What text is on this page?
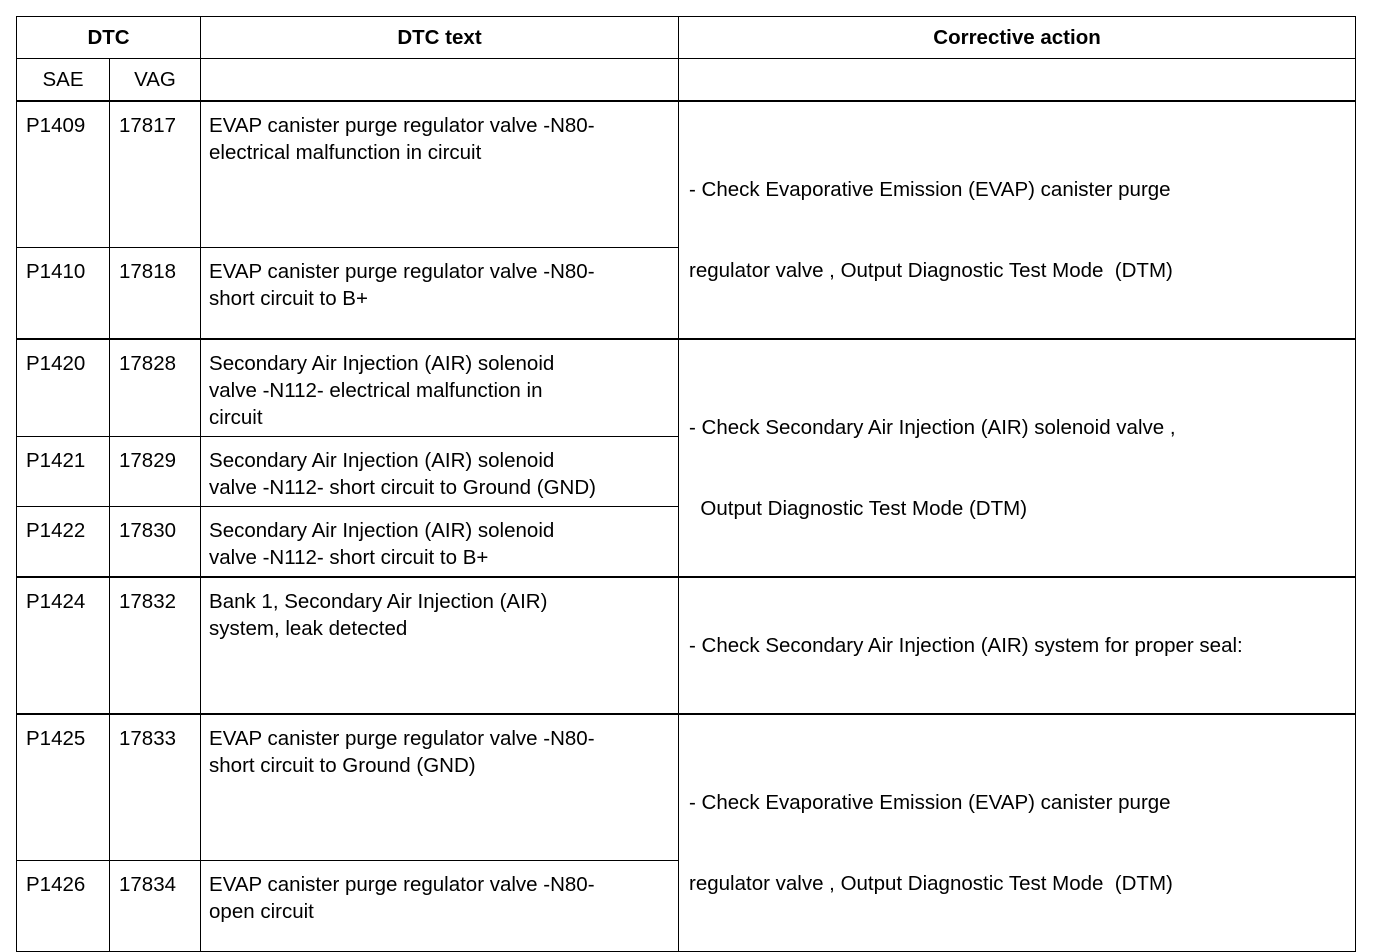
DTC		DTC text	Corrective action
SAE	VAG		
P1409	17817	EVAP canister purge regulator valve -N80-
electrical malfunction in circuit	- Check Evaporative Emission (EVAP) canister purge

regulator valve , Output Diagnostic Test Mode  (DTM)

P1410	17818	EVAP canister purge regulator valve -N80-
short circuit to B+	

P1420	17828	Secondary Air Injection (AIR) solenoid
valve -N112- electrical malfunction in
circuit	- Check Secondary Air Injection (AIR) solenoid valve ,

Output Diagnostic Test Mode (DTM)

P1421	17829	Secondary Air Injection (AIR) solenoid
valve -N112- short circuit to Ground (GND)	

P1422	17830	Secondary Air Injection (AIR) solenoid
valve -N112- short circuit to B+	

P1424	17832	Bank 1, Secondary Air Injection (AIR)
system, leak detected	- Check Secondary Air Injection (AIR) system for proper seal:

P1425	17833	EVAP canister purge regulator valve -N80-
short circuit to Ground (GND)	- Check Evaporative Emission (EVAP) canister purge

regulator valve , Output Diagnostic Test Mode  (DTM)

P1426	17834	EVAP canister purge regulator valve -N80-
open circuit	
